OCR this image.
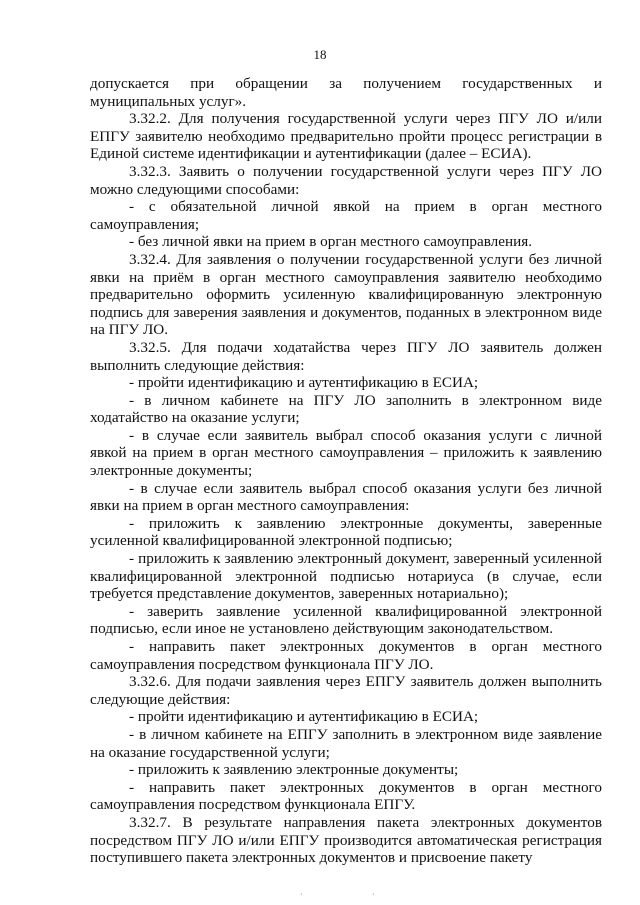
18

допускается при обращении за получением государственных и муниципальных услуг».

3.32.2. Для получения государственной услуги через ПГУ ЛО и/или ЕПГУ заявителю необходимо предварительно пройти процесс регистрации в Единой системе идентификации и аутентификации (далее – ЕСИА).

3.32.3. Заявить о получении государственной услуги через ПГУ ЛО можно следующими способами:

- с обязательной личной явкой на прием в орган местного самоуправления;

- без личной явки на прием в орган местного самоуправления.

3.32.4. Для заявления о получении государственной услуги без личной явки на приём в орган местного самоуправления заявителю необходимо предварительно оформить усиленную квалифицированную электронную подпись для заверения заявления и документов, поданных в электронном виде на ПГУ ЛО.

3.32.5. Для подачи ходатайства через ПГУ ЛО заявитель должен выполнить следующие действия:

- пройти идентификацию и аутентификацию в ЕСИА;

- в личном кабинете на ПГУ ЛО заполнить в электронном виде ходатайство на оказание услуги;

- в случае если заявитель выбрал способ оказания услуги с личной явкой на прием в орган местного самоуправления – приложить к заявлению электронные документы;

- в случае если заявитель выбрал способ оказания услуги без личной явки на прием в орган местного самоуправления:

- приложить к заявлению электронные документы, заверенные усиленной квалифицированной электронной подписью;

- приложить к заявлению электронный документ, заверенный усиленной квалифицированной электронной подписью нотариуса (в случае, если требуется представление документов, заверенных нотариально);

- заверить заявление усиленной квалифицированной электронной подписью, если иное не установлено действующим законодательством.

- направить пакет электронных документов в орган местного самоуправления посредством функционала ПГУ ЛО.

3.32.6. Для подачи заявления через ЕПГУ заявитель должен выполнить следующие действия:

- пройти идентификацию и аутентификацию в ЕСИА;

- в личном кабинете на ЕПГУ заполнить в электронном виде заявление на оказание государственной услуги;

- приложить к заявлению электронные документы;

- направить пакет электронных документов в орган местного самоуправления посредством функционала ЕПГУ.

3.32.7. В результате направления пакета электронных документов посредством ПГУ ЛО и/или ЕПГУ производится автоматическая регистрация поступившего пакета электронных документов и присвоение пакету

·	·
